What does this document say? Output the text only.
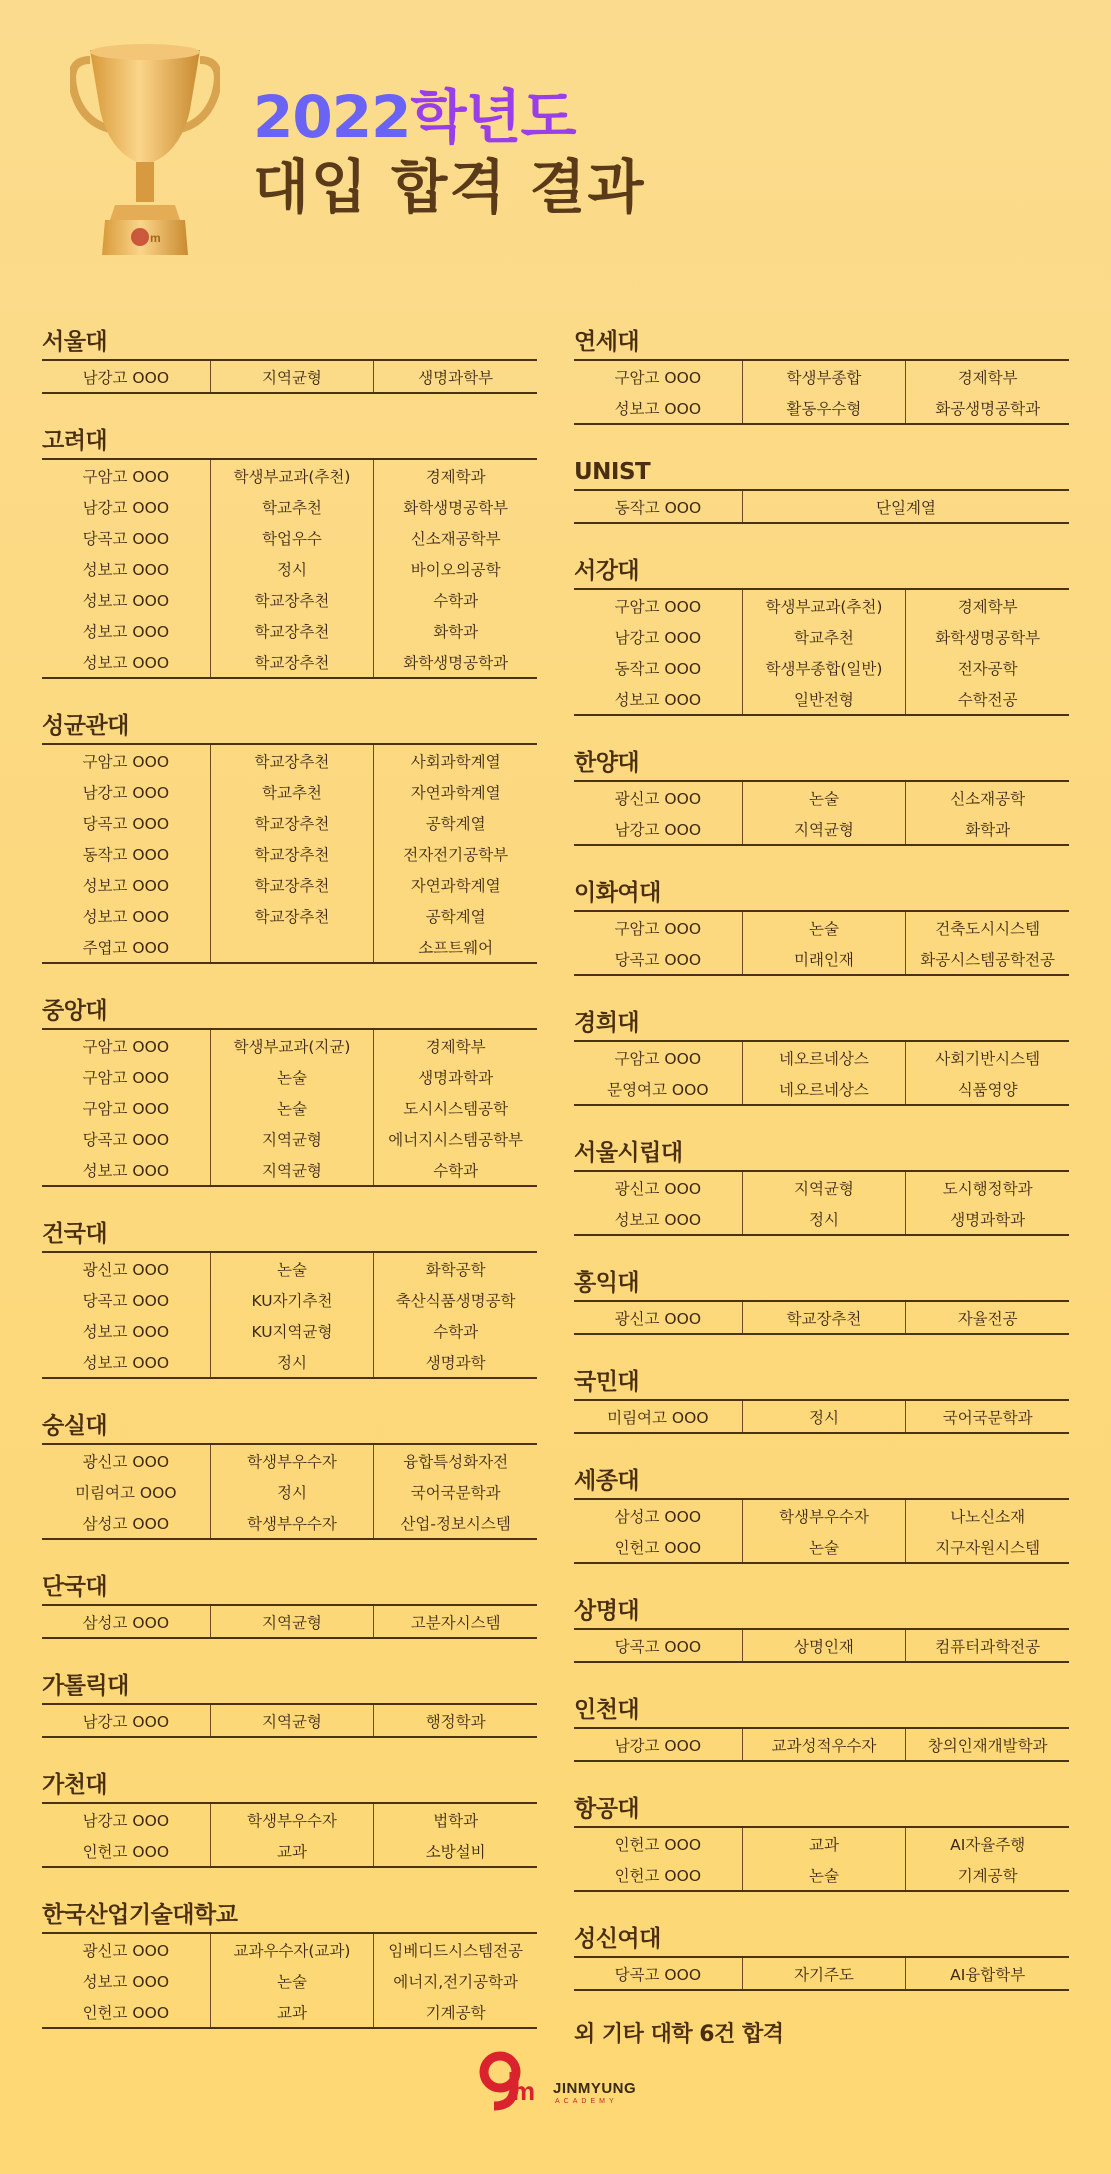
m
2022학년도
대입 합격 결과
서울대
남강고 OOO	지역균형	생명과학부
고려대
구암고 OOO	학생부교과(추천)	경제학과
남강고 OOO	학교추천	화학생명공학부
당곡고 OOO	학업우수	신소재공학부
성보고 OOO	정시	바이오의공학
성보고 OOO	학교장추천	수학과
성보고 OOO	학교장추천	화학과
성보고 OOO	학교장추천	화학생명공학과
성균관대
구암고 OOO	학교장추천	사회과학계열
남강고 OOO	학교추천	자연과학계열
당곡고 OOO	학교장추천	공학계열
동작고 OOO	학교장추천	전자전기공학부
성보고 OOO	학교장추천	자연과학계열
성보고 OOO	학교장추천	공학계열
주엽고 OOO		소프트웨어
중앙대
구암고 OOO	학생부교과(지균)	경제학부
구암고 OOO	논술	생명과학과
구암고 OOO	논술	도시시스템공학
당곡고 OOO	지역균형	에너지시스템공학부
성보고 OOO	지역균형	수학과
건국대
광신고 OOO	논술	화학공학
당곡고 OOO	KU자기추천	축산식품생명공학
성보고 OOO	KU지역균형	수학과
성보고 OOO	정시	생명과학
숭실대
광신고 OOO	학생부우수자	융합특성화자전
미림여고 OOO	정시	국어국문학과
삼성고 OOO	학생부우수자	산업-정보시스템
단국대
삼성고 OOO	지역균형	고분자시스템
가톨릭대
남강고 OOO	지역균형	행정학과
가천대
남강고 OOO	학생부우수자	법학과
인헌고 OOO	교과	소방설비
한국산업기술대학교
광신고 OOO	교과우수자(교과)	임베디드시스템전공
성보고 OOO	논술	에너지,전기공학과
인헌고 OOO	교과	기계공학
연세대
구암고 OOO	학생부종합	경제학부
성보고 OOO	활동우수형	화공생명공학과
UNIST
동작고 OOO	단일계열
서강대
구암고 OOO	학생부교과(추천)	경제학부
남강고 OOO	학교추천	화학생명공학부
동작고 OOO	학생부종합(일반)	전자공학
성보고 OOO	일반전형	수학전공
한양대
광신고 OOO	논술	신소재공학
남강고 OOO	지역균형	화학과
이화여대
구암고 OOO	논술	건축도시시스템
당곡고 OOO	미래인재	화공시스템공학전공
경희대
구암고 OOO	네오르네상스	사회기반시스템
문영여고 OOO	네오르네상스	식품영양
서울시립대
광신고 OOO	지역균형	도시행정학과
성보고 OOO	정시	생명과학과
홍익대
광신고 OOO	학교장추천	자율전공
국민대
미림여고 OOO	정시	국어국문학과
세종대
삼성고 OOO	학생부우수자	나노신소재
인헌고 OOO	논술	지구자원시스템
상명대
당곡고 OOO	상명인재	컴퓨터과학전공
인천대
남강고 OOO	교과성적우수자	창의인재개발학과
항공대
인헌고 OOO	교과	AI자율주행
인헌고 OOO	논술	기계공학
성신여대
당곡고 OOO	자기주도	AI융합학부
외 기타 대학 6건 합격
m JINMYUNG
ACADEMY
